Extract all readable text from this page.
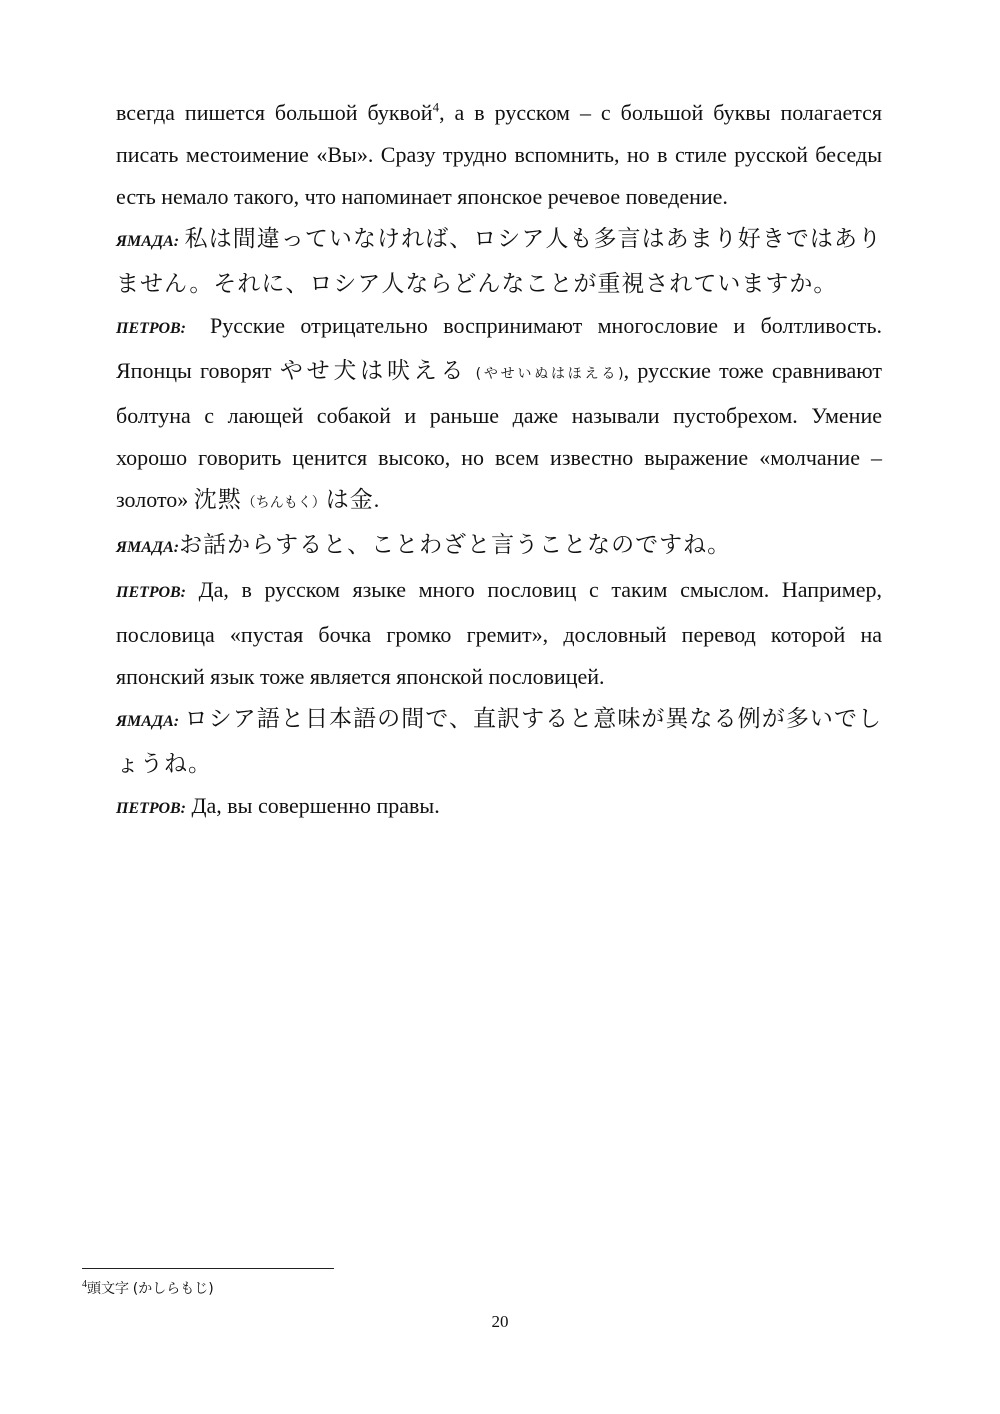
всегда пишется большой буквой$^4$, а в русском – с большой буквы полагается писать местоимение «Вы». Сразу трудно вспомнить, но в стиле русской беседы есть немало такого, что напоминает японское речевое поведение.

ЯМАДА: 私は間違っていなければ、ロシア人も多言はあまり好きではありません。それに、ロシア人ならどんなことが重視されていますか。

ПЕТРОВ: Русские отрицательно воспринимают многословие и болтливость. Японцы говорят やせ犬は吠える (やせいぬはほえる), русские тоже сравнивают болтуна с лающей собакой и раньше даже называли пустобрехом. Умение хорошо говорить ценится высоко, но всем известно выражение «молчание – золото» 沈黙（ちんもく）は金.

ЯМАДА:お話からすると、ことわざと言うことなのですね。

ПЕТРОВ: Да, в русском языке много пословиц с таким смыслом. Например, пословица «пустая бочка громко гремит», дословный перевод которой на японский язык тоже является японской пословицей.

ЯМАДА: ロシア語と日本語の間で、直訳すると意味が異なる例が多いでしょうね。

ПЕТРОВ: Да, вы совершенно правы.

$^4$頭文字 (かしらもじ)
20
